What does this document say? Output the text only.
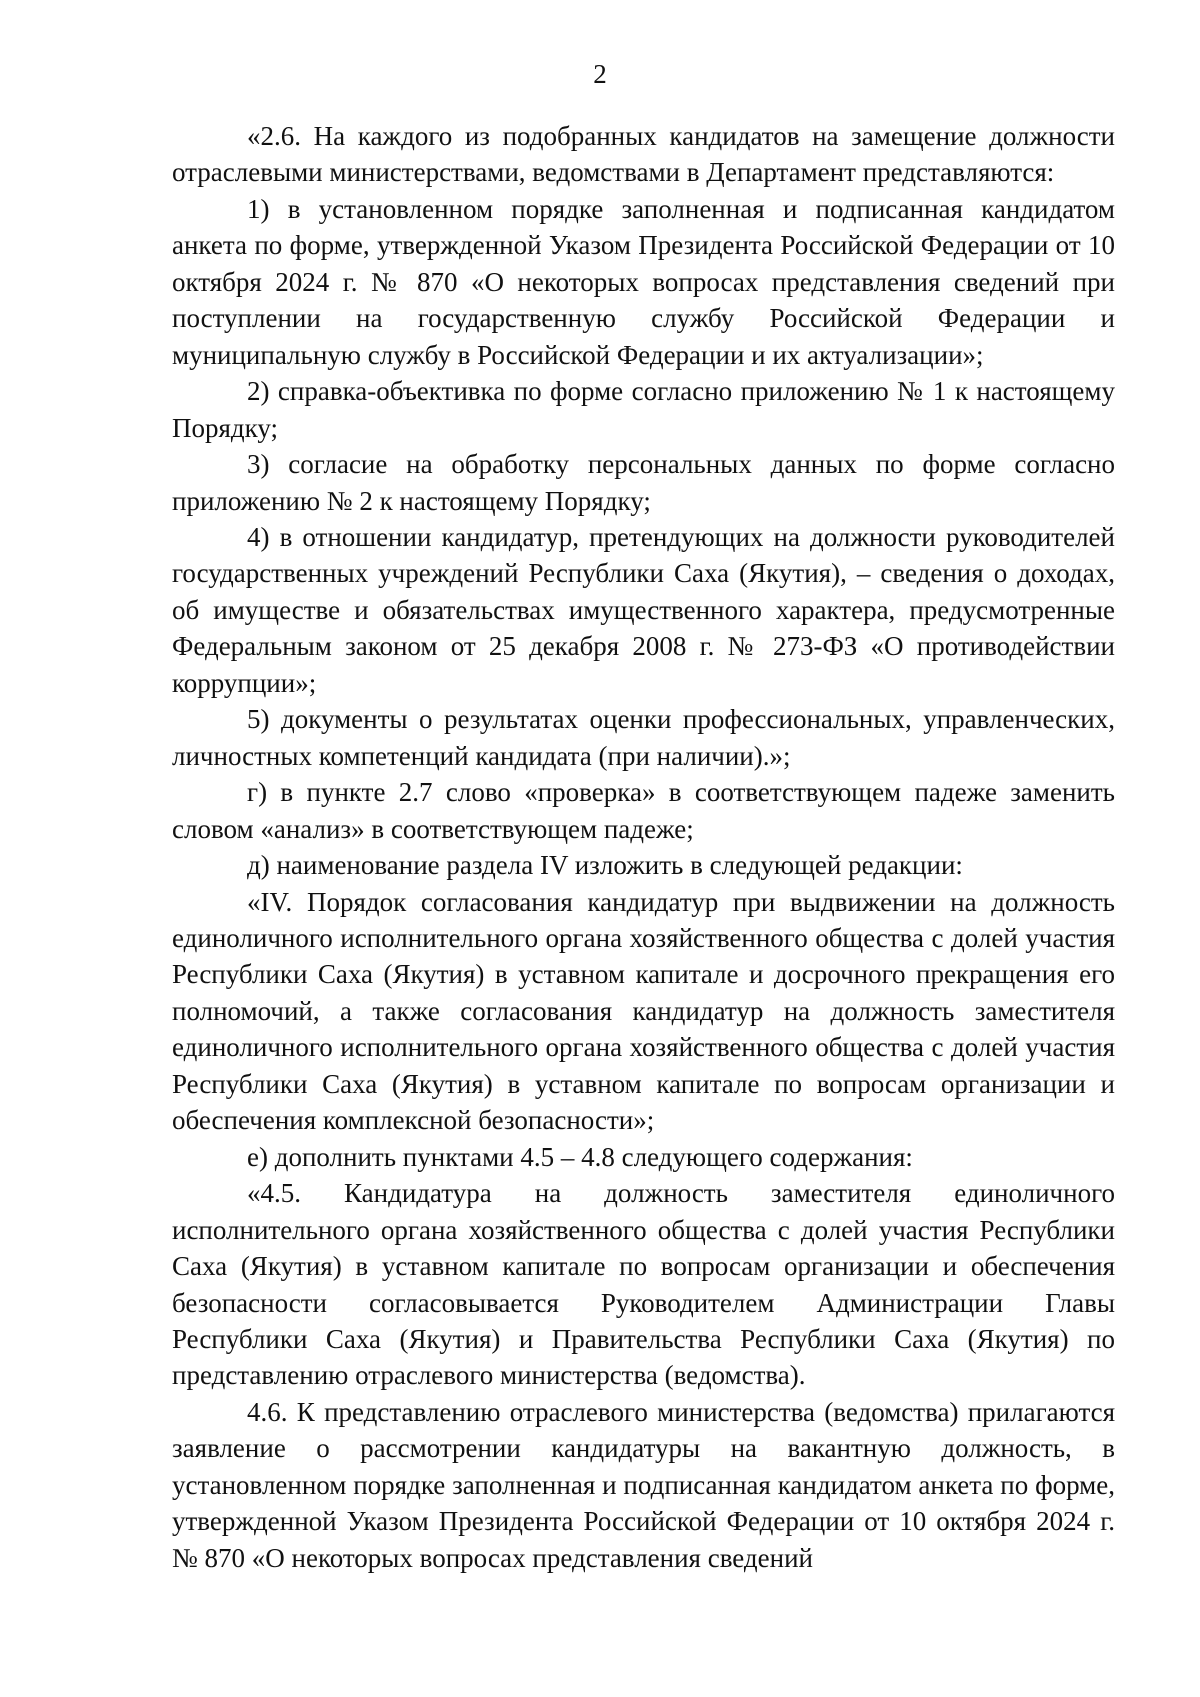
2

«2.6. На каждого из подобранных кандидатов на замещение должности отраслевыми министерствами, ведомствами в Департамент представляются:

1) в установленном порядке заполненная и подписанная кандидатом анкета по форме, утвержденной Указом Президента Российской Федерации от 10 октября 2024 г. № 870 «О некоторых вопросах представления сведений при поступлении на государственную службу Российской Федерации и муниципальную службу в Российской Федерации и их актуализации»;

2) справка-объективка по форме согласно приложению № 1 к настоящему Порядку;

3) согласие на обработку персональных данных по форме согласно приложению № 2 к настоящему Порядку;

4) в отношении кандидатур, претендующих на должности руководителей государственных учреждений Республики Саха (Якутия), – сведения о доходах, об имуществе и обязательствах имущественного характера, предусмотренные Федеральным законом от 25 декабря 2008 г. № 273-ФЗ «О противодействии коррупции»;

5) документы о результатах оценки профессиональных, управленческих, личностных компетенций кандидата (при наличии).»;

г) в пункте 2.7 слово «проверка» в соответствующем падеже заменить словом «анализ» в соответствующем падеже;

д) наименование раздела IV изложить в следующей редакции:

«IV. Порядок согласования кандидатур при выдвижении на должность единоличного исполнительного органа хозяйственного общества с долей участия Республики Саха (Якутия) в уставном капитале и досрочного прекращения его полномочий, а также согласования кандидатур на должность заместителя единоличного исполнительного органа хозяйственного общества с долей участия Республики Саха (Якутия) в уставном капитале по вопросам организации и обеспечения комплексной безопасности»;

е) дополнить пунктами 4.5 – 4.8 следующего содержания:

«4.5. Кандидатура на должность заместителя единоличного исполнительного органа хозяйственного общества с долей участия Республики Саха (Якутия) в уставном капитале по вопросам организации и обеспечения безопасности согласовывается Руководителем Администрации Главы Республики Саха (Якутия) и Правительства Республики Саха (Якутия) по представлению отраслевого министерства (ведомства).

4.6. К представлению отраслевого министерства (ведомства) прилагаются заявление о рассмотрении кандидатуры на вакантную должность, в установленном порядке заполненная и подписанная кандидатом анкета по форме, утвержденной Указом Президента Российской Федерации от 10 октября 2024 г. № 870 «О некоторых вопросах представления сведений
